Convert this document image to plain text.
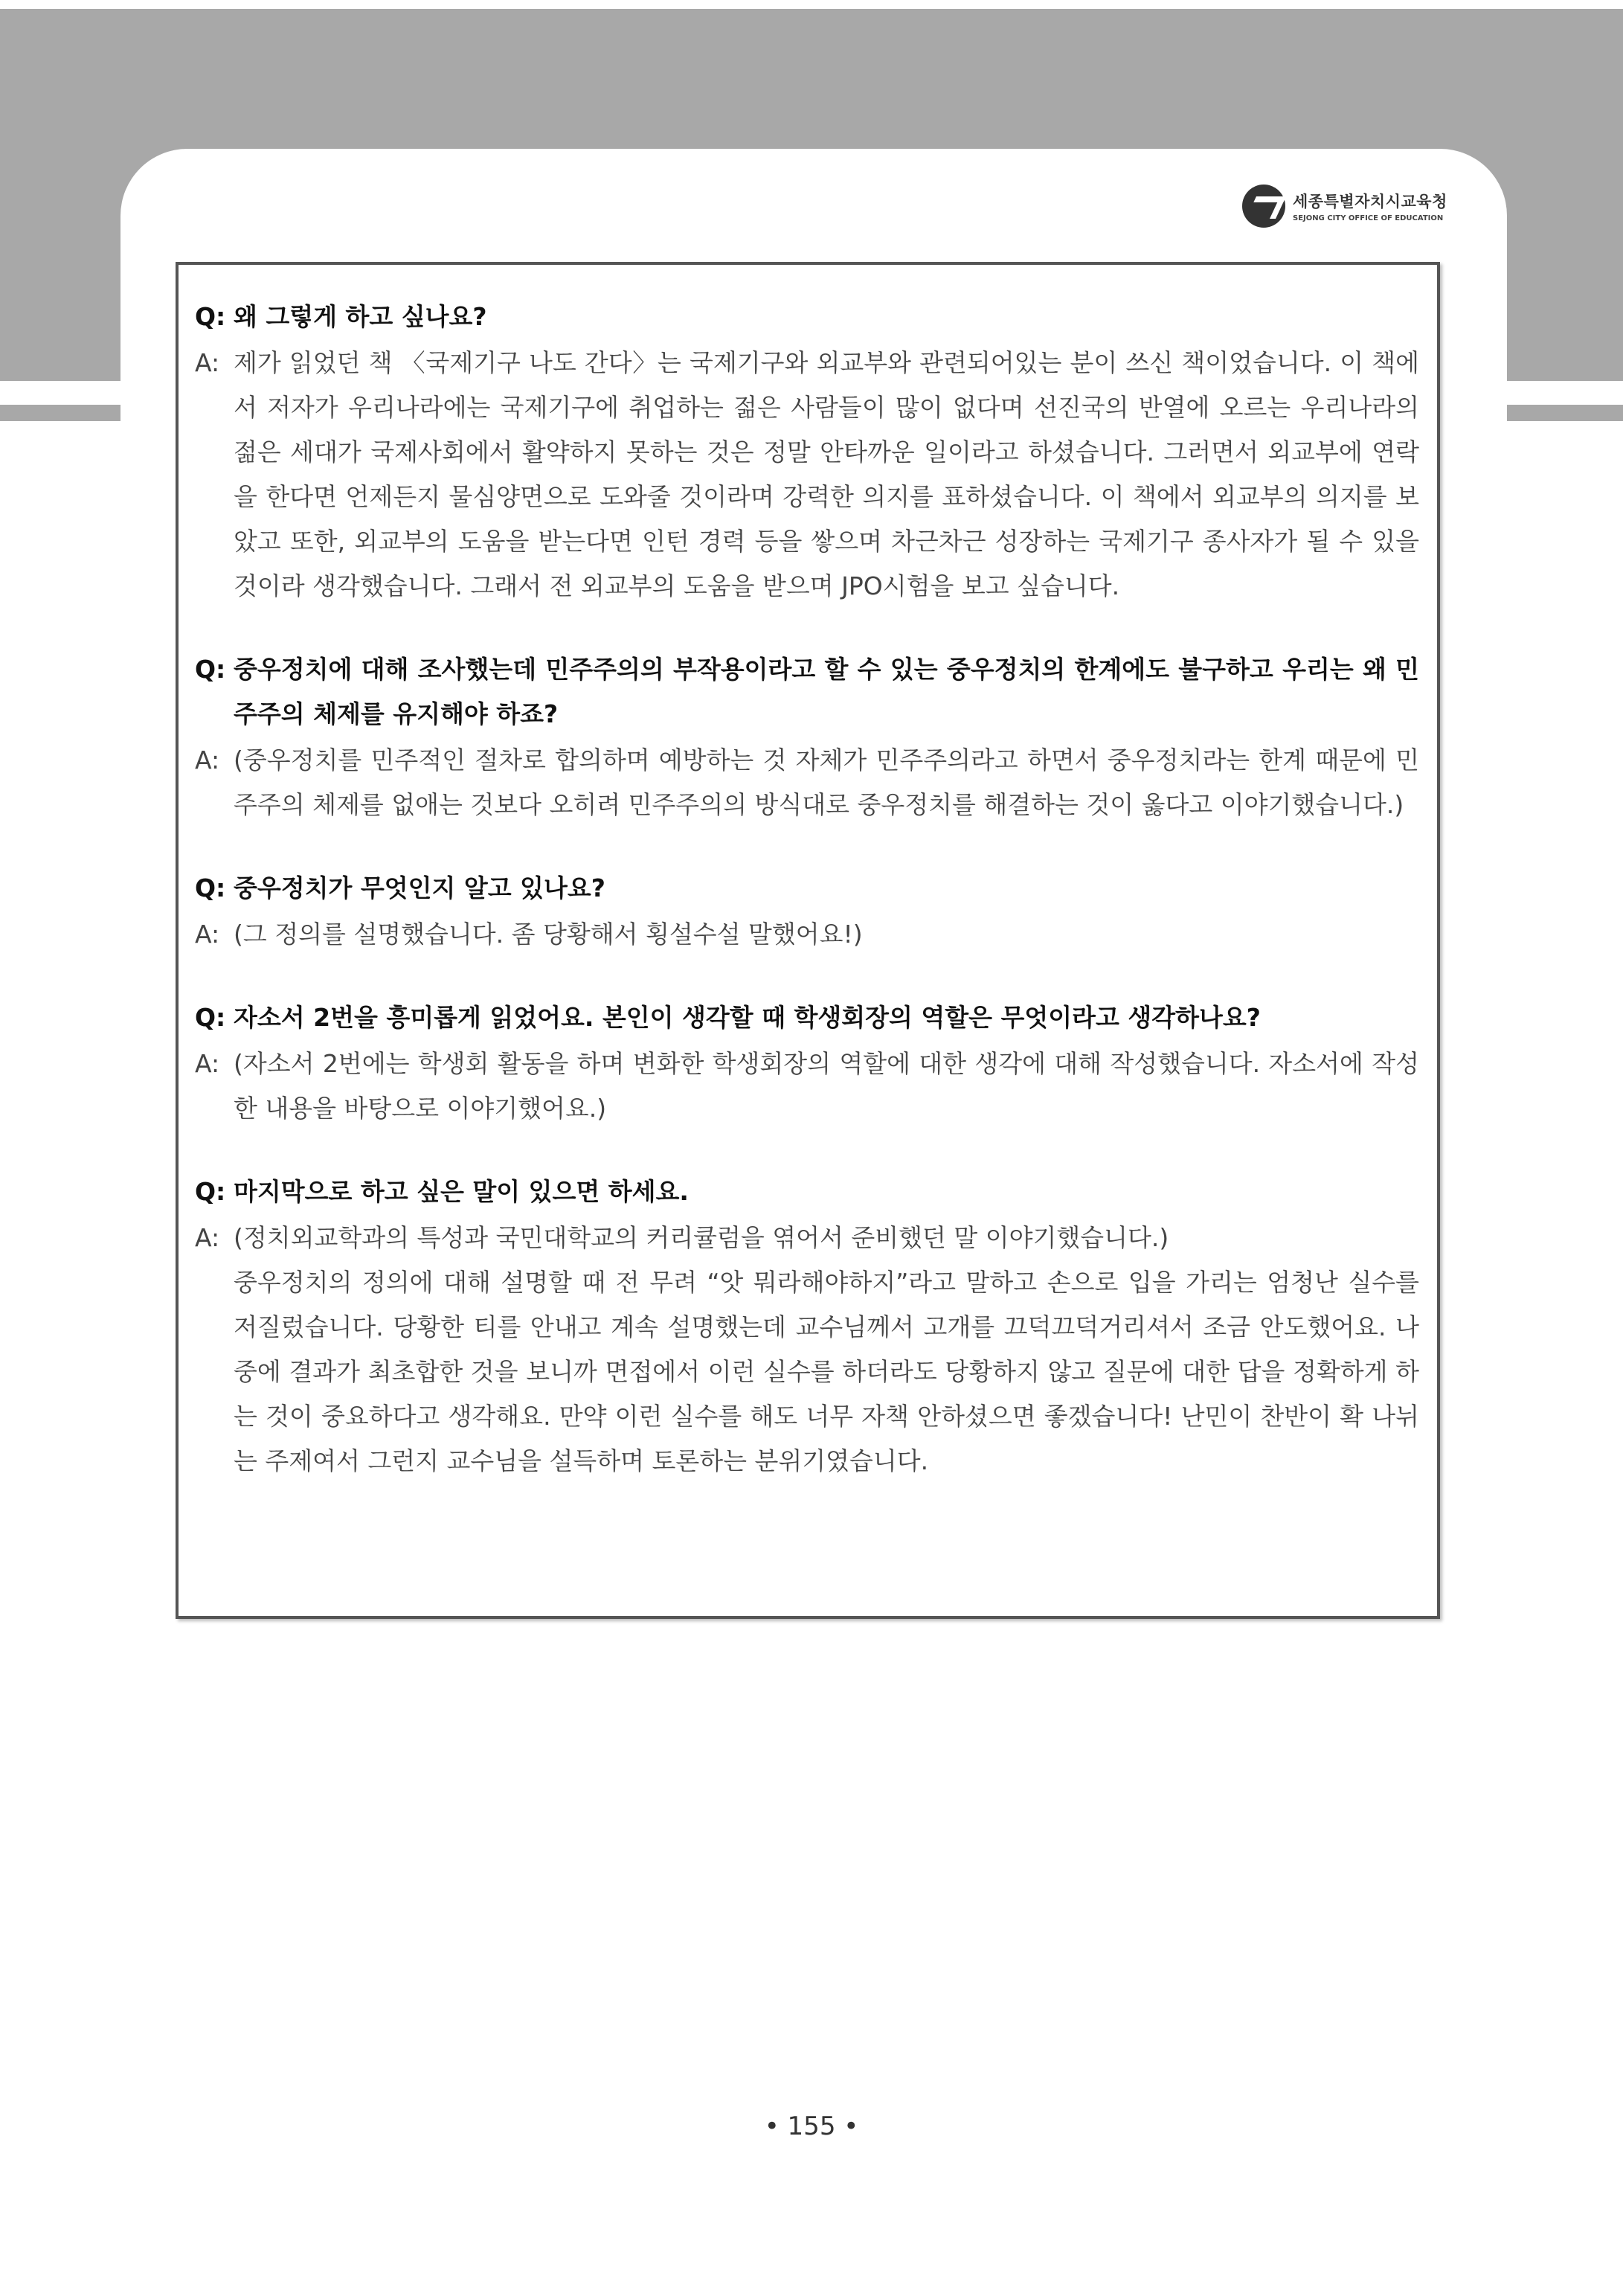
세종특별자치시교육청
SEJONG CITY OFFICE OF EDUCATION
Q: 왜 그렇게 하고 싶나요?
A: 제가 읽었던 책 〈국제기구 나도 간다〉는 국제기구와 외교부와 관련되어있는 분이 쓰신 책이었습니다. 이 책에서 저자가 우리나라에는 국제기구에 취업하는 젊은 사람들이 많이 없다며 선진국의 반열에 오르는 우리나라의 젊은 세대가 국제사회에서 활약하지 못하는 것은 정말 안타까운 일이라고 하셨습니다. 그러면서 외교부에 연락을 한다면 언제든지 물심양면으로 도와줄 것이라며 강력한 의지를 표하셨습니다. 이 책에서 외교부의 의지를 보았고 또한, 외교부의 도움을 받는다면 인턴 경력 등을 쌓으며 차근차근 성장하는 국제기구 종사자가 될 수 있을 것이라 생각했습니다. 그래서 전 외교부의 도움을 받으며 JPO시험을 보고 싶습니다.
Q: 중우정치에 대해 조사했는데 민주주의의 부작용이라고 할 수 있는 중우정치의 한계에도 불구하고 우리는 왜 민주주의 체제를 유지해야 하죠?
A: (중우정치를 민주적인 절차로 합의하며 예방하는 것 자체가 민주주의라고 하면서 중우정치라는 한계 때문에 민주주의 체제를 없애는 것보다 오히려 민주주의의 방식대로 중우정치를 해결하는 것이 옳다고 이야기했습니다.)
Q: 중우정치가 무엇인지 알고 있나요?
A: (그 정의를 설명했습니다. 좀 당황해서 횡설수설 말했어요!)
Q: 자소서 2번을 흥미롭게 읽었어요. 본인이 생각할 때 학생회장의 역할은 무엇이라고 생각하나요?
A: (자소서 2번에는 학생회 활동을 하며 변화한 학생회장의 역할에 대한 생각에 대해 작성했습니다. 자소서에 작성한 내용을 바탕으로 이야기했어요.)
Q: 마지막으로 하고 싶은 말이 있으면 하세요.
A: (정치외교학과의 특성과 국민대학교의 커리큘럼을 엮어서 준비했던 말 이야기했습니다.)
중우정치의 정의에 대해 설명할 때 전 무려 “앗 뭐라해야하지”라고 말하고 손으로 입을 가리는 엄청난 실수를 저질렀습니다. 당황한 티를 안내고 계속 설명했는데 교수님께서 고개를 끄덕끄덕거리셔서 조금 안도했어요. 나중에 결과가 최초합한 것을 보니까 면접에서 이런 실수를 하더라도 당황하지 않고 질문에 대한 답을 정확하게 하는 것이 중요하다고 생각해요. 만약 이런 실수를 해도 너무 자책 안하셨으면 좋겠습니다! 난민이 찬반이 확 나뉘는 주제여서 그런지 교수님을 설득하며 토론하는 분위기였습니다.
• 155 •
